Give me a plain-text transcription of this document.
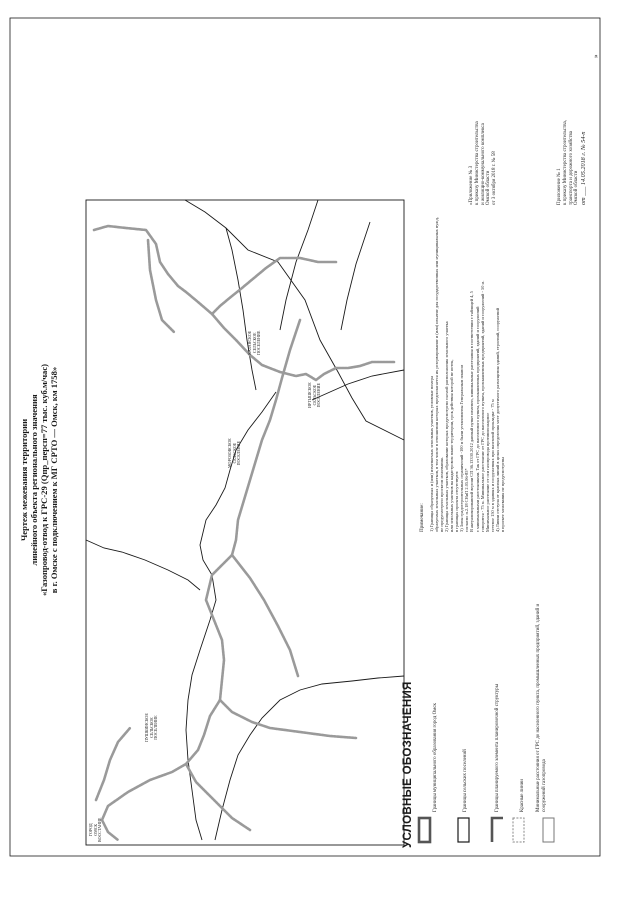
МОРОЗОВСКОЕ СЕЛЬСКОЕ ПОСЕЛЕНИЕ
КАЗАНСКОЕ СЕЛЬСКОЕ ПОСЕЛЕНИЕ
ИРТЫШСКОЕ СЕЛЬСКОЕ ПОСЕЛЕНИЕ
ПУШКИНСКОЕ СЕЛЬСКОЕ ПОСЕЛЕНИЕ
ГОРОД ОМСК ВОССТАНИЕ
Чертеж межевания территории линейного объекта регионального значения «Газопровод-отвод к ГРС-29 (Qпр_персп=77 тыс. куб.м/час) в г. Омске с подключением к МГ СРТО — Омск, км 1758»
Приложение № 1 к приказу Министерства строительства, транспорта и дорожного хозяйства Омской области от ___ 14.05.2018 г. № 54-п
«Приложение № 3 к приказу Министерства строительства и жилищно-коммунального комплекса Омской области от 3 октября 2018 г. № 58
»
УСЛОВНЫЕ ОБОЗНАЧЕНИЯ	Границы муниципального образования город Омск	Границы сельских поселений	Границы планируемого элемента планировочной структуры	Красные линии Минимальные расстояния от ГРС до населенного пункта, промышленных предприятий, зданий и сооружений газопровода
Примечание: 1) Границы образуемых и (или) изменяемых земельных участков, условные номера образуемых земельных участков, в том числе в отношении которых предполагается их резервирование и (или) изъятие для государственных или муниципальных нужд, не предусмотрено проектом межевания. 2) Границы земельных участков, образование которых предусмотрено схемой расположения земельного участка или земельных участков на кадастровом плане территории, срок действия которой не истек, в границах проекта отсутствуют. 3) Зоны градостроительных ограничений -100 м были установлены Генеральным планом согласно п.2.18 СНиП 2.05.06-85* В актуализированной версии СП 36.13330.2012 данный пункт изменен, минимальные расстояния в соответствии с таблицей 4, 5 с минимальными расстояниями. Так от ГРС до населенного пункта, промышленных предприятий, зданий и сооружений говорится - 75 м. Минимальное расстояние от ГРС до населенного пункта, промышленных предприятий, зданий и сооружений - 50 м. Минимальное расстояние от оси газопровода противопожарное сетевое 150 м в зданиях и сооружениях при наземной прокладке - 75 м 4) Линии отступа от красных линий в целях определения мест допустимого размещения зданий, строений, сооружений в проекте межевания не предусмотрены
